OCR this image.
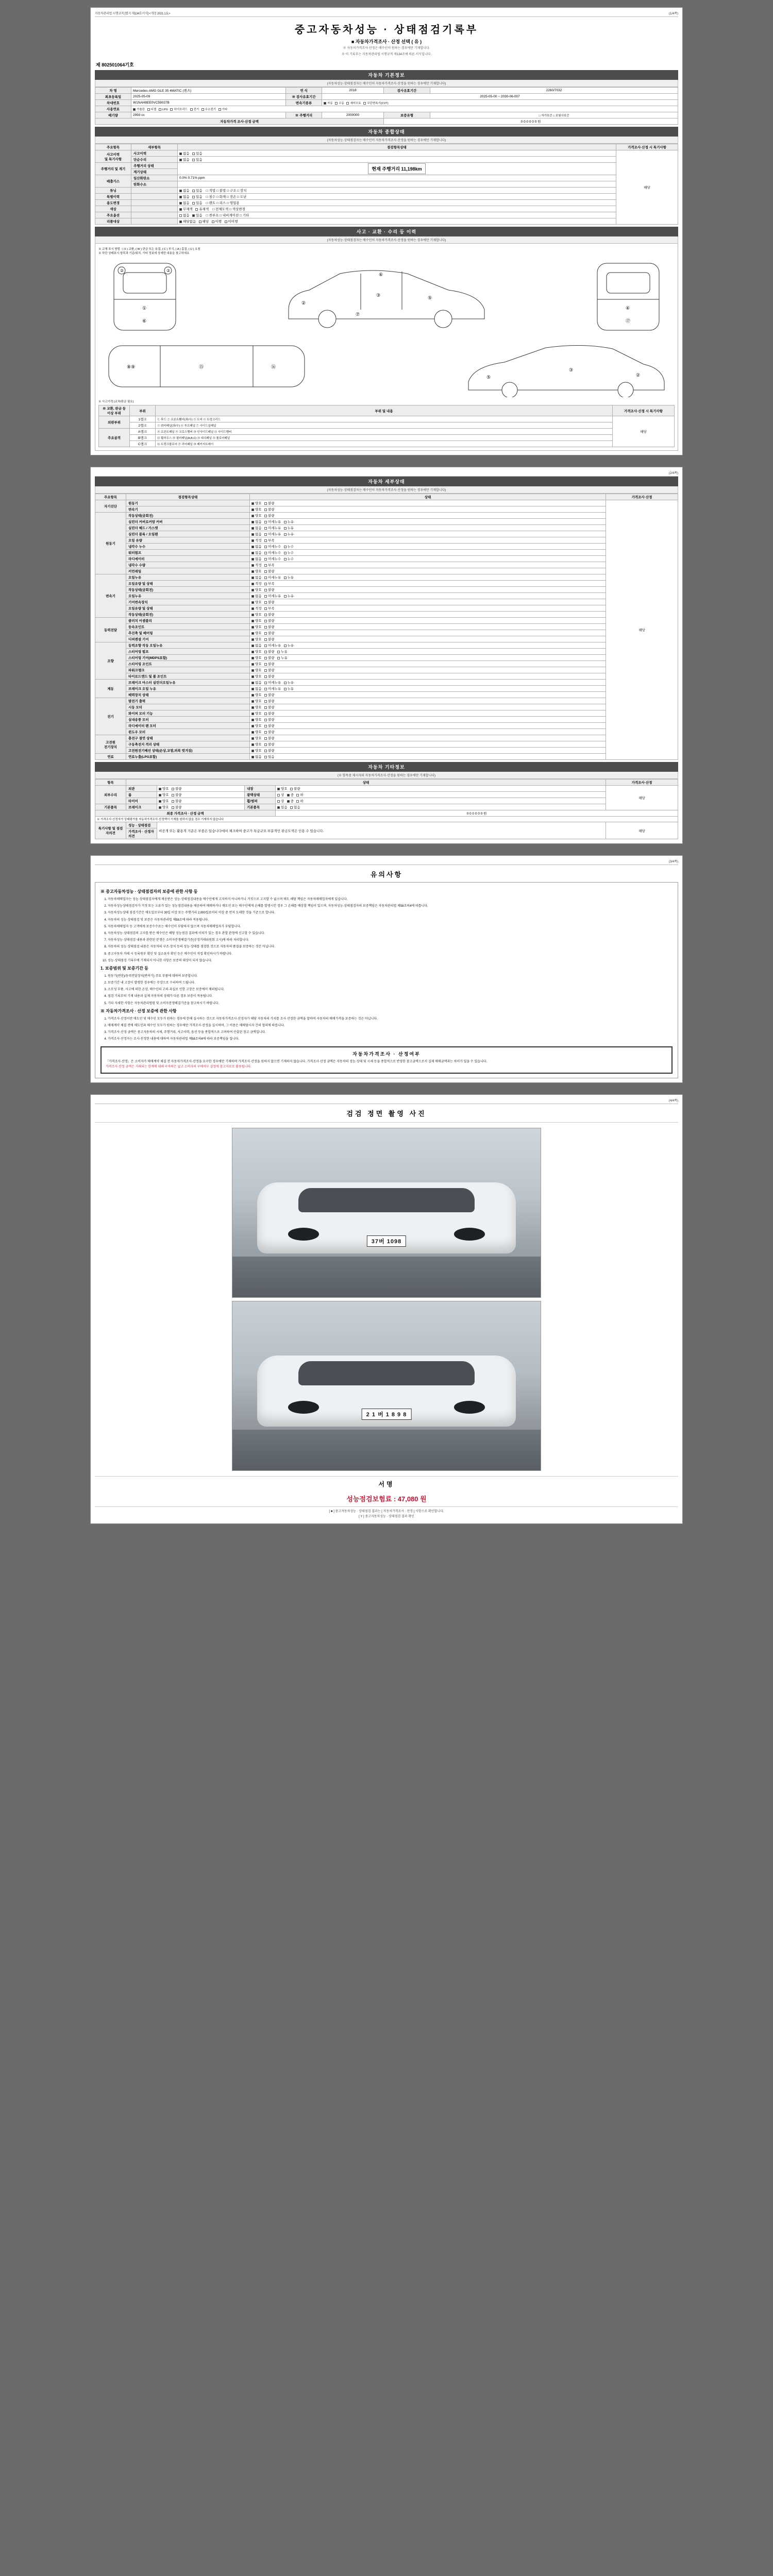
자동차관리법 시행규칙 [별지 제134호서식] <개정 2021.1.5.>	(1/4쪽)
중고자동차성능 · 상태점검기록부
■ 자동차가격조사 · 산정 선택 ( 유 )
※ 자동차가격조사·산정은 매수인이 원하는 경우에만 기재합니다.
※ 이 기록부는 자동차관리법 시행규칙 제134조에 따른 서식입니다.
제 802501064기호
자동차 기본정보
(자동차성능·상태점검자는 매수인이 자동차가격조사·산정을 원하는 경우에만 기재합니다)
차 명	Mercedes-AMG GLE 35 4MATIC (벤츠)	연 식	2018	검사유효기간	2260/7032
최초등록일	2025-05-09	※ 검사유효기간	2025-05-00 ~ 2030-06-007		
차대번호	W1NAH8EE0VC59037B	변속기종류	자동 수동 세미오토 무단변속기(CVT)		
사용연료	가솔린 디젤 LPG 하이브리드 전기 수소전기 기타				
배기량	2993 cc	※ 주행거리	2000000	보증유형	□ 자가보증 □ 보험사보증
자동차가격 조사·산정 금액				0 0 0 0 0 0 원	
자동차 종합상태
(자동차성능·상태점검자는 매수인이 자동차가격조사·산정을 원하는 경우에만 기재합니다)
주요항목	세부항목	점검항목상태	가격조사·산정 시 특기사항
사고이력
및 특기사항	사고이력	없음   있음	해당
	단순수리	없음   있음	
주행거리 및 계기	주행거리 상태	현재 주행거리 11,198km	
	계기상태		
배출가스	일산화탄소	0.0% 0.71% ppm	
	탄화수소		
튜닝		없음   있음    □ 적법 □ 불법 □ 구조 □ 장치	
특별이력		없음   있음    □ 침수 □ 화재 □ 전손 □ 도난	
용도변경		없음   있음    □ 렌트 □ 리스 □ 영업용	
색상		무채색   유채색    □ 전체도색 □ 색상변경	
주요옵션		없음   있음    □ 썬루프 □ 내비게이션 □ 기타	
리콜대상		해당없음   해당   이행   미이행	
사고 · 교환 · 수리 등 이력
(자동차성능·상태점검자는 매수인이 자동차가격조사·산정을 원하는 경우에만 기재합니다)
※ 교체 표시 방법 : ( X ) 교환, ( W ) 판금 또는 용접, ( C ) 부식, ( A ) 흠집, ( U ) 요철
※ 하단 상태표시 항목과 기준/위치, 기타 정보에 상세한 내용을 참고하세요
②	②
①
⑥
②
③	⑤
⑥
⑦
④
⑰
⑧⑨	⑮	⑯
⑤
③
②
※ 사고이력 (교차/판금 필요)
※ 교환, 판금 등 이상 부위	부위	부위 및 내용	가격조사·산정 시 특기사항
외판부위	1랭크	① 후드 ② 프론트휀더(좌/우) ③ 도어 ④ 트렁크리드	해당
	2랭크	⑤ 쿼터패널(좌/우) ⑥ 루프패널 ⑦ 사이드실패널	
주요골격	A랭크	⑧ 프론트패널 ⑨ 크로스멤버 ⑩ 인사이드패널 ⑪ 사이드멤버	
	B랭크	⑫ 휠하우스 ⑬ 필러패널(A,B,C) ⑭ 대쉬패널 ⑮ 플로어패널	
	C랭크	⑯ 트렁크플로어 ⑰ 리어패널 ⑱ 패키지트레이	

(2/4쪽)
자동차 세부상태
(자동차성능·상태점검자는 매수인이 자동차가격조사·산정을 원하는 경우에만 기재합니다)
주요항목	점검항목상태	상태	가격조사·산정
자기진단	원동기	양호   불량	해당
	변속기	양호   불량	
원동기	작동상태(공회전)	양호   불량	
	실린더 커버로커암 커버	없음   미세누유   누유	
	실린더 헤드 / 가스켓	없음   미세누유   누유	
	실린더 블록 / 오일팬	없음   미세누유   누유	
	오일 유량	적정   부족	
	냉각수 누수	없음   미세누수   누수	
	워터펌프	없음   미세누수   누수	
	라디에이터	없음   미세누수   누수	
	냉각수 수량	적정   부족	
	커먼레일	양호   불량	
변속기	오일누유	없음   미세누유   누유	
	오일유량 및 상태	적정   부족	
	작동상태(공회전)	양호   불량	
	오일누유	없음   미세누유   누유	
	기어변속장치	양호   불량	
	오일유량 및 상태	적정   부족	
	작동상태(공회전)	양호   불량	
동력전달	클러치 어셈블리	양호   불량	
	등속조인트	양호   불량	
	추진축 및 베어링	양호   불량	
	디퍼렌셜 기어	양호   불량	
조향	동력조향 작동 오일누유	없음   미세누유   누유	
	스티어링 펌프	양호   불량   누유	
	스티어링 기어(MDPS포함)	양호   불량   누유	
	스티어링 조인트	양호   불량	
	파워크랭크	양호   불량	
	타이로드엔드 및 볼 조인트	양호   불량	
제동	브레이크 마스터 실린더오일누유	없음   미세누유   누유	
	브레이크 오일 누유	없음   미세누유   누유	
	배력장치 상태	양호   불량	
전기	발전기 출력	양호   불량	
	시동 모터	양호   불량	
	와이퍼 모터 기능	양호   불량	
	실내송풍 모터	양호   불량	
	라디에이터 팬 모터	양호   불량	
	윈도우 모터	양호   불량	
고전원
전기장치	충전구 절연 상태	양호   불량	
	구동축전지 격리 상태	양호   불량	
	고전원전기배선 상태(손상,교열,피복 벗겨짐)	양호   불량	
연료	연료누출(LPG포함)	없음   있음	
자동차 기타정보
(※ 항목중 제시자와 자동차가격조사·산정을 원하는 경우에만 기재합니다)
항목	상태				가격조사·산정
외부수리	외관	양호   불량	내장	양호   불량	해당
	룸	양호   불량	광택상태	상   중   하	
	타이어	양호   불량	휠/범퍼	상   중   하	
기본품목	브레이크	양호   불량	기본품목	있음   없음	
최종 가격조사 · 산정 금액				0 0 0 0 0 0 원	
※ 가격조사·산정자가 상태평가를 자동차가격조사·산정액이 기재를 원하지 않을 경우 기재하지 않습니다					
특기사항 및 점검자의견	성능 · 상태점검	비공개 또는 활용적 기준은 부품은 있습니다에서 체크하여 중고가 특급규모 부분적인 판금도색은 인용 수 있습니다.			해당
	가격조사 · 산정자의견				

(3/4쪽)
유의사항
※ 중고자동차성능 · 상태점검자의 보증에 관한 사항 등
1. 자동차매매업자는 성능·상태점검자에게 제공받은 성능·상태점검내용을 매수인에게 고지하지 아니하거나 거짓으로 고지할 수 없으며 매도 해당 책임은 자동차매매업자에게 있습니다.
2. 자동차성능상태점검자가 거짓 또는 오류가 있는 성능점검내용을 제공하여 매매하거나 매도인 또는 매수인에게 손해를 발생시킨 경우 그 손해를 배상할 책임이 있으며, 자동차성능·상태점검자의 보증책임은 자동차관리법 제58조의4에 따릅니다.
3. 자동차성능상태 점검기간은 매도일로부터 30일 이상 또는 주행거리 2,000킬로미터 이상 중 먼저 도래한 것을 기준으로 합니다.
4. 자동차의 성능·상태점검 및 보증은 자동차관리법 제58조에 따라 적용됩니다.
5. 자동차매매업자 등 고객에게 보증수수료는 매수인이 부담하지 않으며 자동차매매업자가 부담합니다.
6. 자동차성능·상태점검의 고지를 받은 매수인은 해당 성능점검 결과에 이의가 있는 경우 관할 관청에 신고할 수 있습니다.
7. 자동차성능·상태점검 내용과 관련된 분쟁은 소비자분쟁해결기준(공정거래위원회 고시)에 따라 처리합니다.
8. 자동차의 성능·상태점검 내용은 자동차의 구조·장치 등의 성능·상태를 점검한 것으로 자동차의 품질을 보증하는 것은 아닙니다.
9. 중고자동차 거래 시 등록원부 확인 및 실소유자 확인 등은 매수인이 직접 확인하시기 바랍니다.
10. 성능·상태점검 기록부에 기재되지 아니한 사항은 보증의 대상이 되지 않습니다.
1. 보증범위 및 보증기간 등
1. 원동기(엔진)/동력전달장치(변속기) 주요 부품에 대하여 보증합니다.
2. 보증기간 내 고장이 발생한 경우에는 무상으로 수리하여 드립니다.
3. 소모성 부품, 사고에 의한 손상, 매수인의 고의·과실로 인한 고장은 보증에서 제외됩니다.
4. 점검 기록부의 기재 내용과 실제 자동차의 상태가 다른 경우 보증이 적용됩니다.
5. 기타 자세한 사항은 자동차관리법령 및 소비자분쟁해결기준을 참고하시기 바랍니다.
※ 자동차가격조사 · 산정 보증에 관한 사항
1. 가격조사·산정이란 매도인 및 매수인 모두가 원하는 경우에 한해 실시하는 것으로 자동차가격조사·산정자가 해당 자동차의 가치를 조사·산정한 금액을 말하며 자동차의 매매가격을 보증하는 것은 아닙니다.
2. 매매계약 체결 전에 매도인과 매수인 모두가 원하는 경우에만 가격조사·산정을 실시하며, 그 비용은 매매당사자 간의 협의에 따릅니다.
3. 가격조사·산정 금액은 중고자동차의 시세, 주행거리, 사고이력, 옵션 등을 종합적으로 고려하여 산출된 참고 금액입니다.
4. 가격조사·산정자는 조사·산정한 내용에 대하여 자동차관리법 제58조의4에 따라 보증책임을 집니다.
자동차가격조사 · 산정여부
「가격조사·산정」은 소비자가 매매계약 체결 전 자동차가격조사·산정을 요구한 경우에만 기재하며 가격조사·산정을 원하지 않으면 기재하지 않습니다. 가격조사·산정 금액은 자동차의 성능·상태 및 시세 등을 종합적으로 반영한 참고금액으로서 실제 매매금액과는 차이가 있을 수 있습니다.
가격조사·산정 금액은 거래되는 한계에 대해 구속력은 없고 소비자의 구매여부 결정에 참고자료로 활용됩니다.

(4/4쪽)
검검 정면 촬영 사진
37버 1098
2 1 버 1 8 9 8
서명
성능점검보험료 : 47,080 원
[ ■ ] 중고자동차성능 · 상태점검 결과는 [ 자동차가격조사 · 산정 ] 사항으로 확인합니다.
[ Y ] 중고자동차성능 · 상태점검 결과 확인
